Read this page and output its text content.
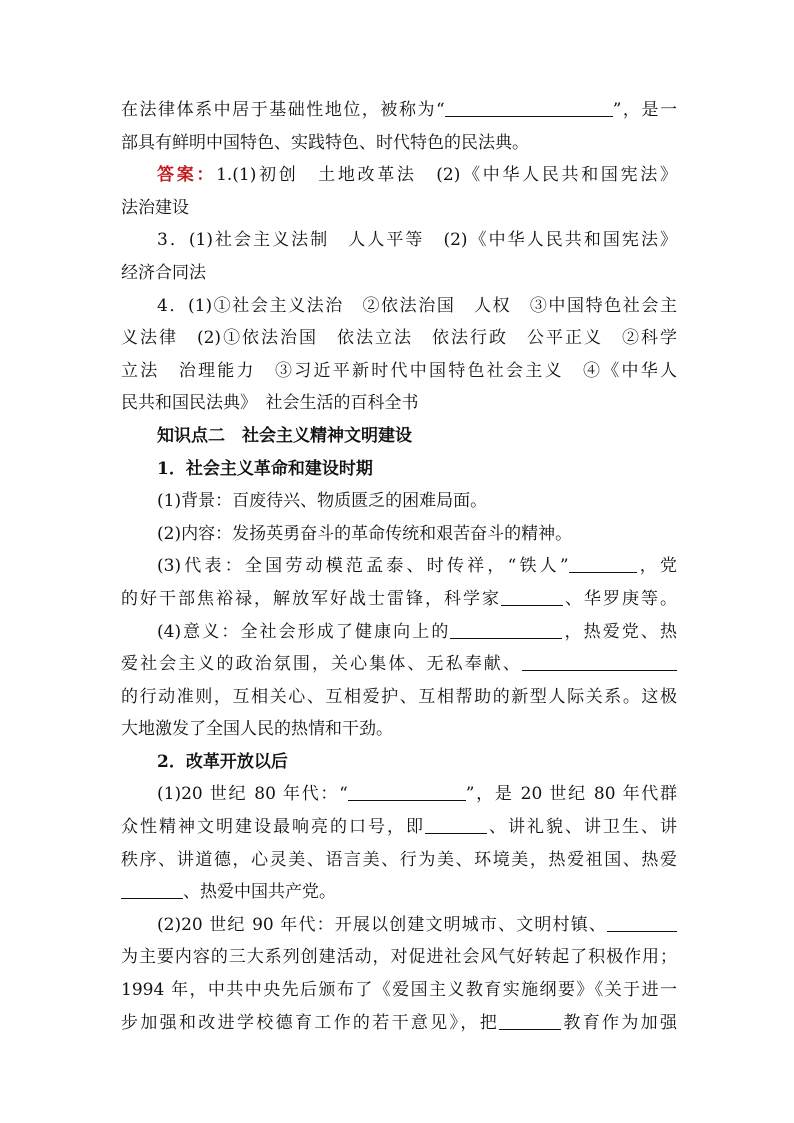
在法律体系中居于基础性地位，被称为“	”，是一

部具有鲜明中国特色、实践特色、时代特色的民法典。

答案：1.(1)初创　土地改革法　(2)《中华人民共和国宪法》

法治建设

3．(1)社会主义法制　人人平等　(2)《中华人民共和国宪法》

经济合同法

4．(1)①社会主义法治　②依法治国　人权　③中国特色社会主

义法律　(2)①依法治国　依法立法　依法行政　公平正义　②科学

立法　治理能力　③习近平新时代中国特色社会主义　④《中华人

民共和国民法典》　社会生活的百科全书

知识点二　社会主义精神文明建设

1．社会主义革命和建设时期

(1)背景：百废待兴、物质匮乏的困难局面。

(2)内容：发扬英勇奋斗的革命传统和艰苦奋斗的精神。

(3)代表：全国劳动模范孟泰、时传祥，“铁人”	，党

的好干部焦裕禄，解放军好战士雷锋，科学家	、华罗庚等。

(4)意义：全社会形成了健康向上的	，热爱党、热

爱社会主义的政治氛围，关心集体、无私奉献、

的行动准则，互相关心、互相爱护、互相帮助的新型人际关系。这极

大地激发了全国人民的热情和干劲。

2．改革开放以后

(1)20 世纪 80 年代：“	”，是 20 世纪 80 年代群

众性精神文明建设最响亮的口号，即	、讲礼貌、讲卫生、讲

秩序、讲道德，心灵美、语言美、行为美、环境美，热爱祖国、热爱

、热爱中国共产党。

(2)20 世纪 90 年代：开展以创建文明城市、文明村镇、

为主要内容的三大系列创建活动，对促进社会风气好转起了积极作用；

1994 年，中共中央先后颁布了《爱国主义教育实施纲要》《关于进一

步加强和改进学校德育工作的若干意见》，把	教育作为加强
